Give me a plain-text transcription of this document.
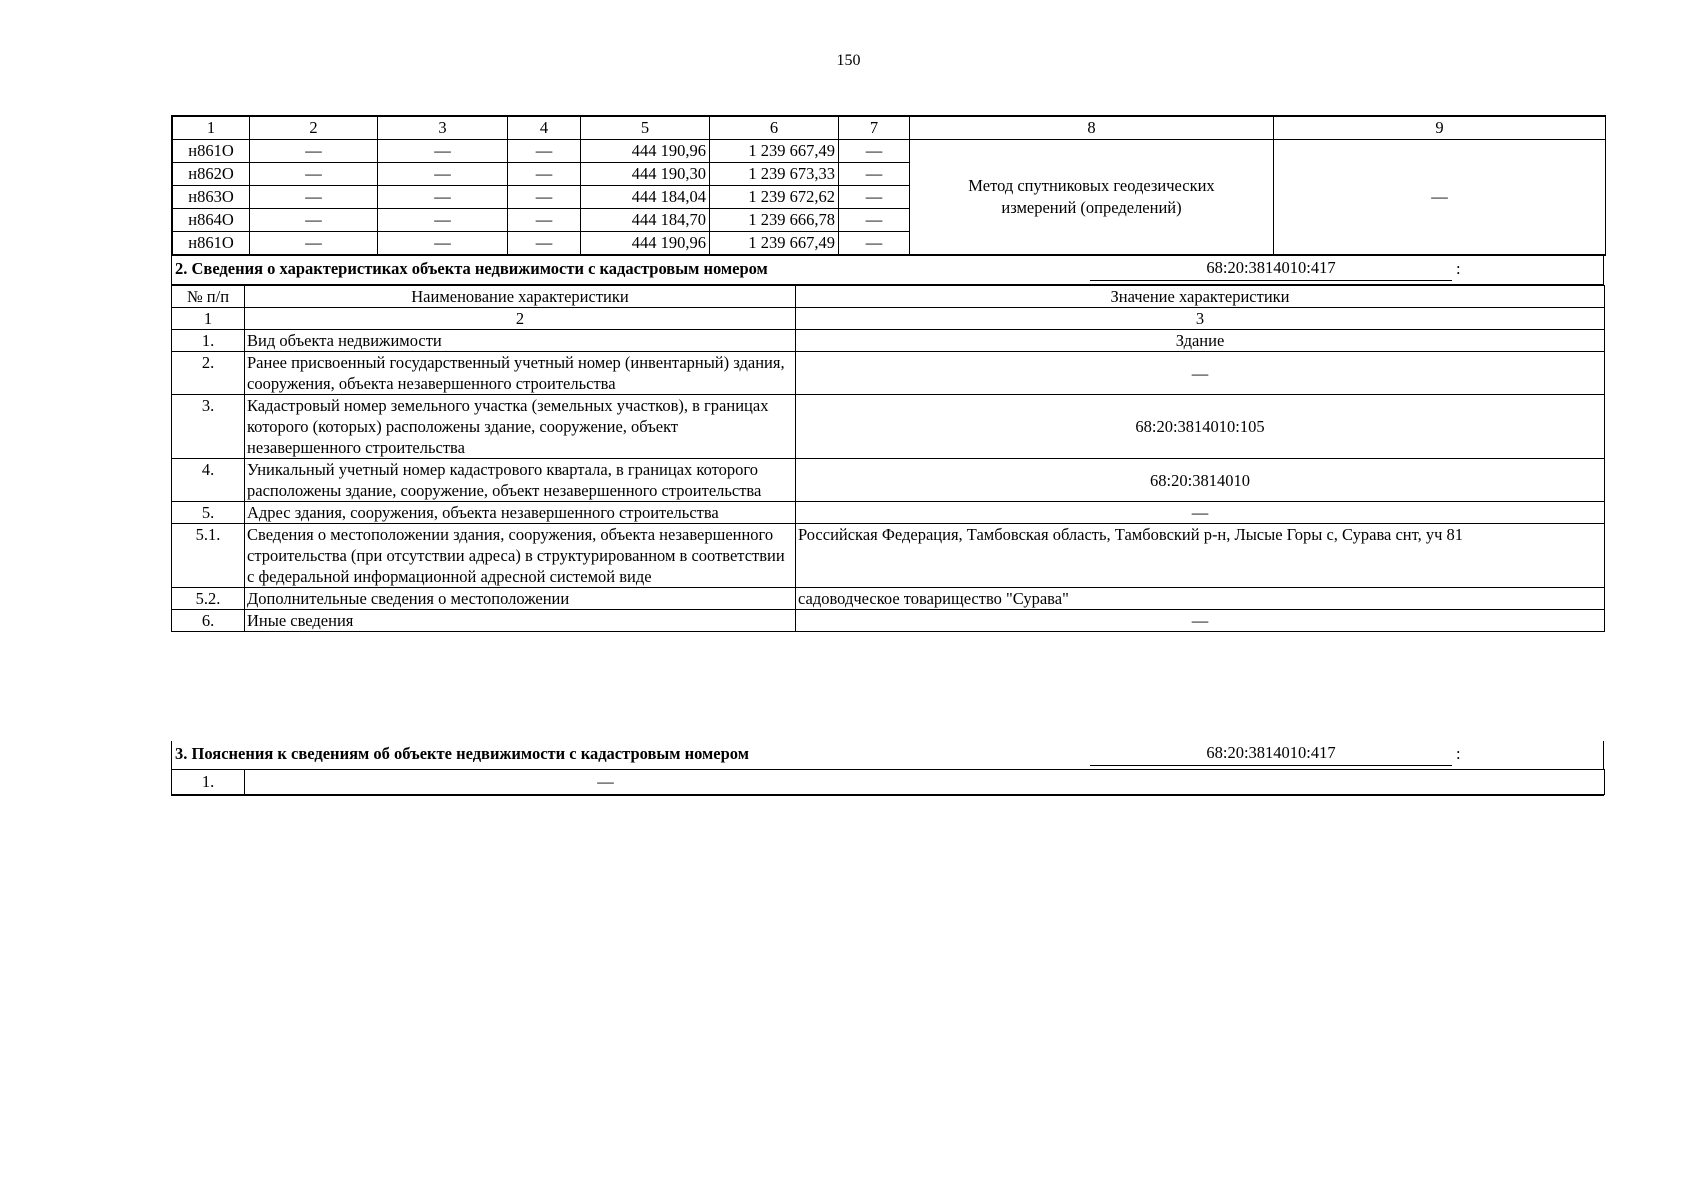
150
1	2	3	4	5	6	7	8	9
н861О	—	—	—	444 190,96	1 239 667,49	—	Метод спутниковых геодезических измерений (определений)	—
н862О	—	—	—	444 190,30	1 239 673,33	—		
н863О	—	—	—	444 184,04	1 239 672,62	—		
н864О	—	—	—	444 184,70	1 239 666,78	—		
н861О	—	—	—	444 190,96	1 239 667,49	—		
2. Сведения о характеристиках объекта недвижимости с кадастровым номером	68:20:3814010:417	:
№ п/п	Наименование характеристики	Значение характеристики
1	2	3
1.	Вид объекта недвижимости	Здание
2.	Ранее присвоенный государственный учетный номер (инвентарный) здания, сооружения, объекта незавершенного строительства	—
3.	Кадастровый номер земельного участка (земельных участков), в границах которого (которых) расположены здание, сооружение, объект незавершенного строительства	68:20:3814010:105
4.	Уникальный учетный номер кадастрового квартала, в границах которого расположены здание, сооружение, объект незавершенного строительства	68:20:3814010
5.	Адрес здания, сооружения, объекта незавершенного строительства	—
5.1.	Сведения о местоположении здания, сооружения, объекта незавершенного строительства (при отсутствии адреса) в структурированном в соответствии с федеральной информационной адресной системой виде	Российская Федерация, Тамбовская область, Тамбовский р-н, Лысые Горы с, Сурава снт, уч 81
5.2.	Дополнительные сведения о местоположении	садоводческое товарищество "Сурава"
6.	Иные сведения	—
3. Пояснения к сведениям об объекте недвижимости с кадастровым номером	68:20:3814010:417	:
1.	—
